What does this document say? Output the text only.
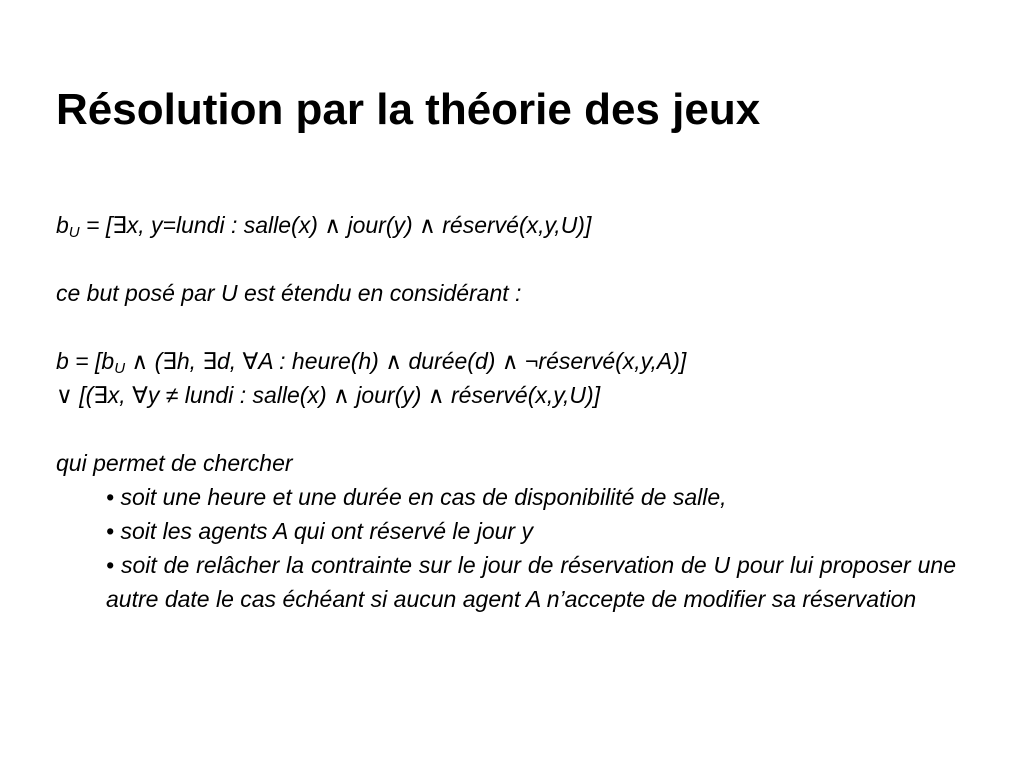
Résolution par la théorie des jeux
$b_U$ = [∃x, y=lundi : salle(x) ∧ jour(y) ∧ réservé(x,y,U)]
ce but posé par U est étendu en considérant :
$b = [b_U$ ∧ (∃h, ∃d, ∀A : heure(h) ∧ durée(d) ∧ ¬réservé(x,y,A)]
∨ [(∃x, ∀y ≠ lundi : salle(x) ∧ jour(y) ∧ réservé(x,y,U)]
qui permet de chercher
• soit une heure et une durée en cas de disponibilité de salle,
• soit les agents A qui ont réservé le jour y
• soit de relâcher la contrainte sur le jour de réservation de U pour lui proposer une autre date le cas échéant si aucun agent A n’accepte de modifier sa réservation
